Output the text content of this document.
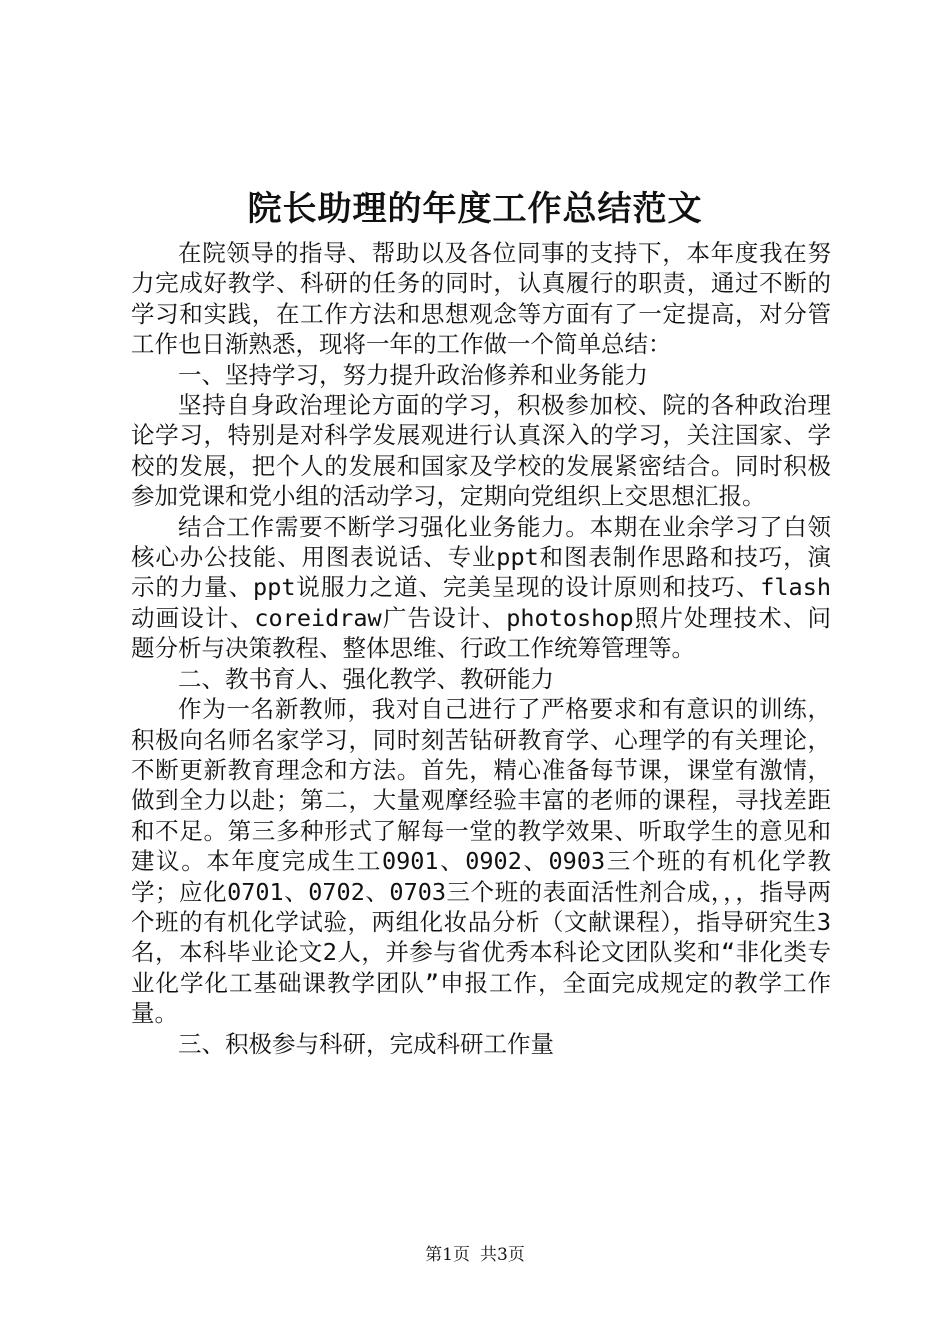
院长助理的年度工作总结范文

在院领导的指导、帮助以及各位同事的支持下，本年度我在努力完成好教学、科研的任务的同时，认真履行的职责，通过不断的学习和实践，在工作方法和思想观念等方面有了一定提高，对分管工作也日渐熟悉，现将一年的工作做一个简单总结：

一、坚持学习，努力提升政治修养和业务能力

坚持自身政治理论方面的学习，积极参加校、院的各种政治理论学习，特别是对科学发展观进行认真深入的学习，关注国家、学校的发展，把个人的发展和国家及学校的发展紧密结合。同时积极参加党课和党小组的活动学习，定期向党组织上交思想汇报。

结合工作需要不断学习强化业务能力。本期在业余学习了白领核心办公技能、用图表说话、专业ppt和图表制作思路和技巧，演示的力量、ppt说服力之道、完美呈现的设计原则和技巧、flash动画设计、coreidraw广告设计、photoshop照片处理技术、问题分析与决策教程、整体思维、行政工作统筹管理等。

二、教书育人、强化教学、教研能力

作为一名新教师，我对自己进行了严格要求和有意识的训练，积极向名师名家学习，同时刻苦钻研教育学、心理学的有关理论，不断更新教育理念和方法。首先，精心准备每节课，课堂有激情，做到全力以赴；第二，大量观摩经验丰富的老师的课程，寻找差距和不足。第三多种形式了解每一堂的教学效果、听取学生的意见和建议。本年度完成生工0901、0902、0903三个班的有机化学教学；应化0701、0702、0703三个班的表面活性剂合成，，，指导两个班的有机化学试验，两组化妆品分析（文献课程），指导研究生3名，本科毕业论文2人，并参与省优秀本科论文团队奖和“非化类专业化学化工基础课教学团队”申报工作，全面完成规定的教学工作量。

三、积极参与科研，完成科研工作量

第1页 共3页
